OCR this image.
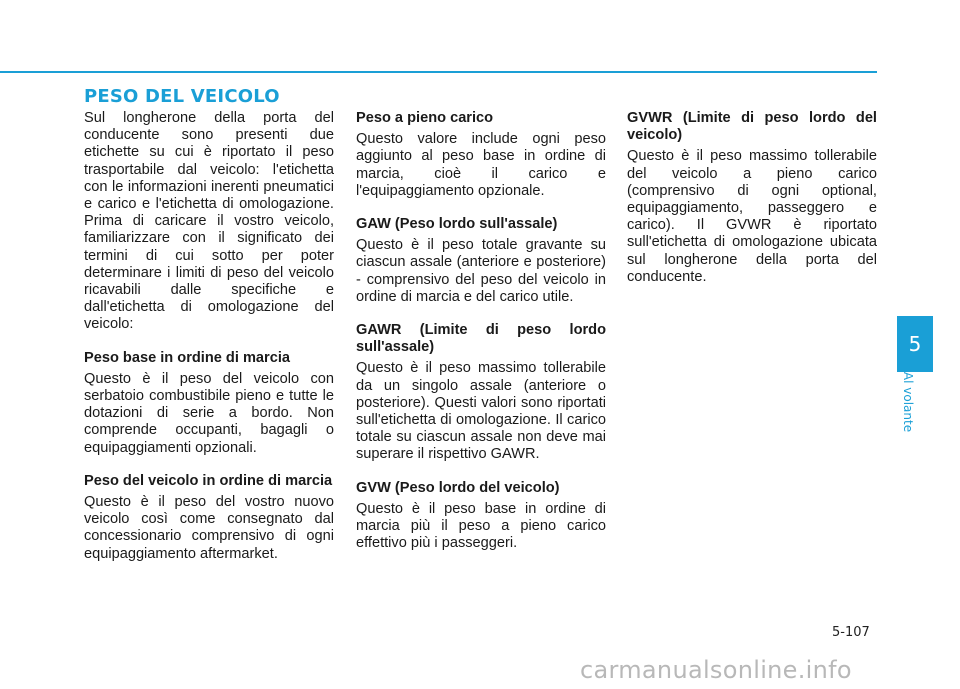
PESO DEL VEICOLO

Sul longherone della porta del conducente sono presenti due etichette su cui è riportato il peso trasportabile dal veicolo: l'etichetta con le informazioni inerenti pneumatici e carico e l'etichetta di omologazione. Prima di caricare il vostro veicolo, familiarizzare con il significato dei termini di cui sotto per poter determinare i limiti di peso del veicolo ricavabili dalle specifiche e dall'etichetta di omologazione del veicolo:

Peso base in ordine di marcia

Questo è il peso del veicolo con serbatoio combustibile pieno e tutte le dotazioni di serie a bordo. Non comprende occupanti, bagagli o equipaggiamenti opzionali.

Peso del veicolo in ordine di marcia

Questo è il peso del vostro nuovo veicolo così come consegnato dal concessionario comprensivo di ogni equipaggiamento aftermarket.

Peso a pieno carico

Questo valore include ogni peso aggiunto al peso base in ordine di marcia, cioè il carico e l'equipaggiamento opzionale.

GAW (Peso lordo sull'assale)

Questo è il peso totale gravante su ciascun assale (anteriore e posteriore) - comprensivo del peso del veicolo in ordine di marcia e del carico utile.

GAWR (Limite di peso lordo sull'assale)

Questo è il peso massimo tollerabile da un singolo assale (anteriore o posteriore). Questi valori sono riportati sull'etichetta di omologazione. Il carico totale su ciascun assale non deve mai superare il rispettivo GAWR.

GVW (Peso lordo del veicolo)

Questo è il peso base in ordine di marcia più il peso a pieno carico effettivo più i passeggeri.

GVWR (Limite di peso lordo del veicolo)

Questo è il peso massimo tollerabile del veicolo a pieno carico (comprensivo di ogni optional, equipaggiamento, passeggero e carico). Il GVWR è riportato sull'etichetta di omologazione ubicata sul longherone della porta del conducente.

5
Al volante
5-107
carmanualsonline.info
